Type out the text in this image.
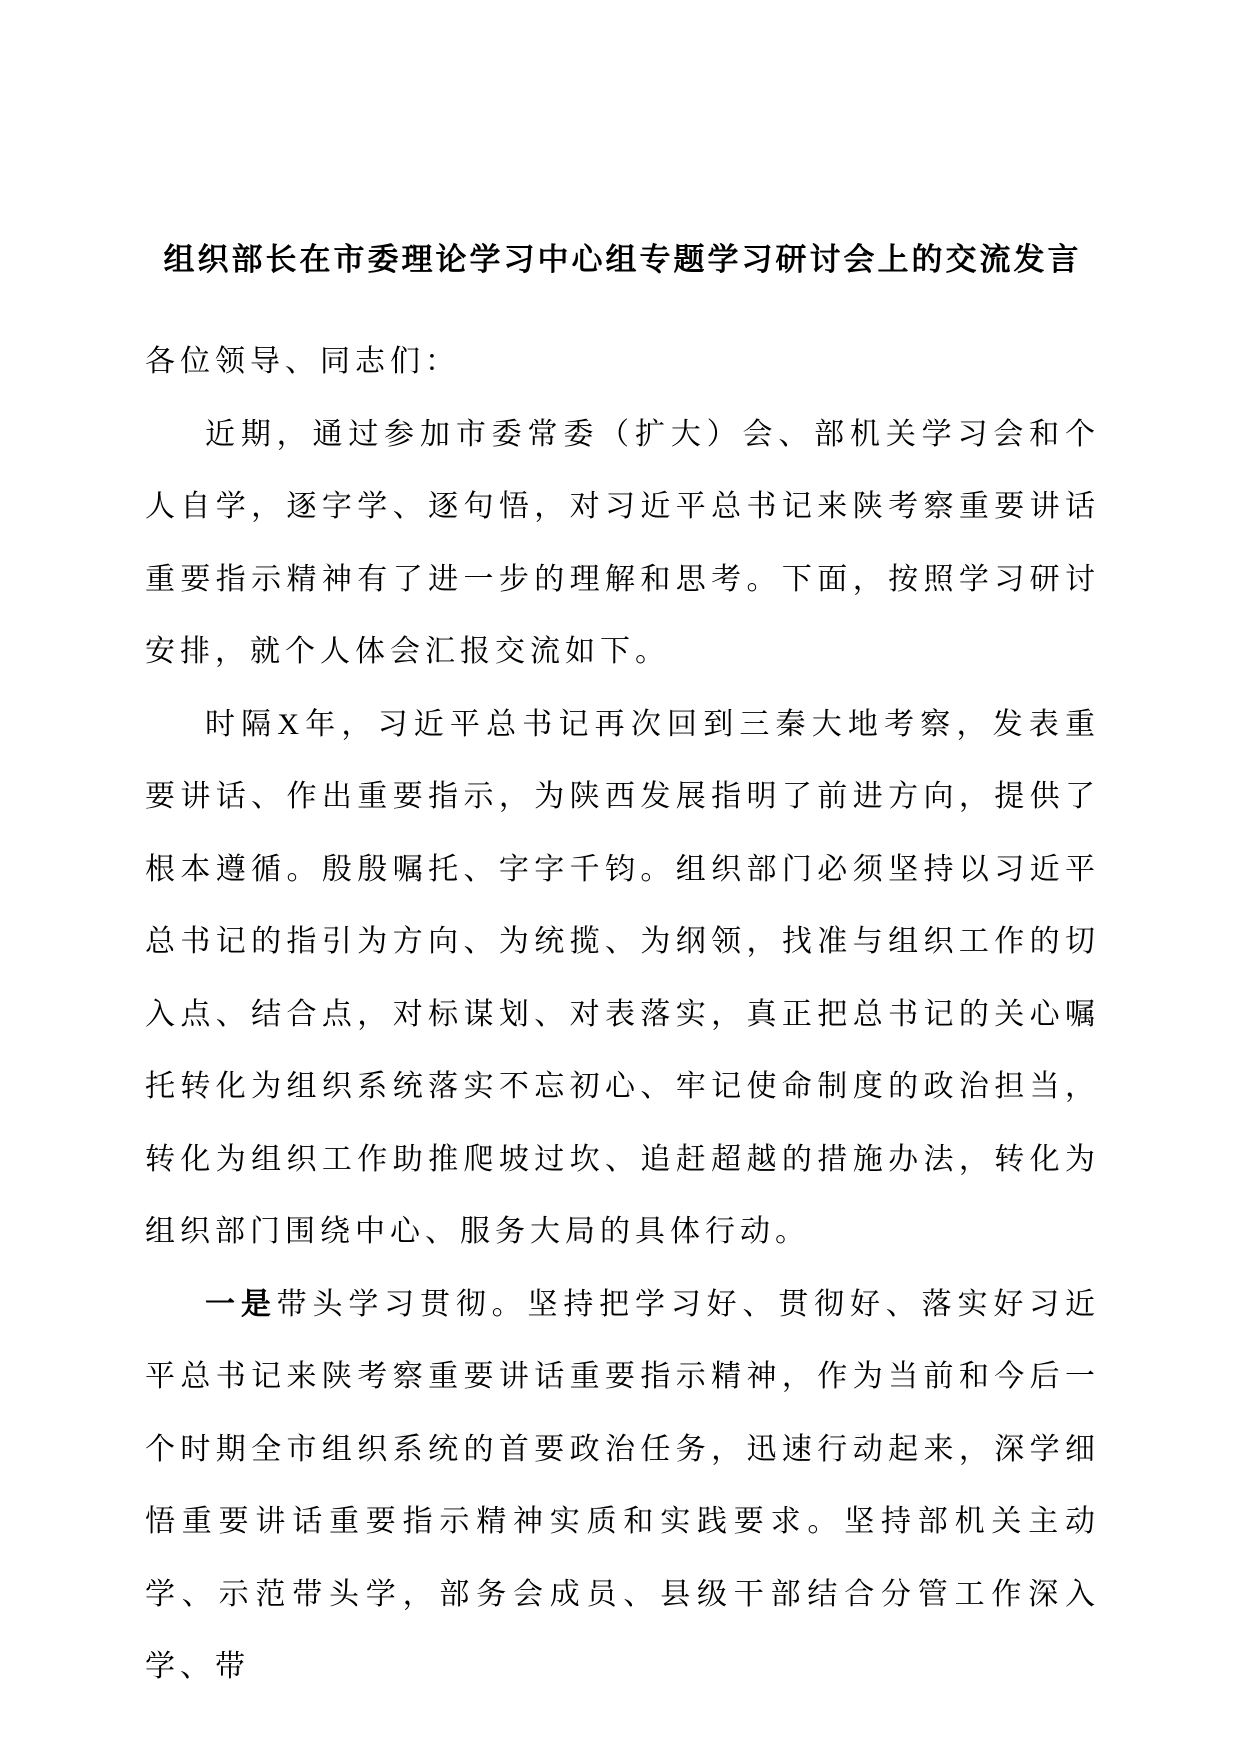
组织部长在市委理论学习中心组专题学习研讨会上的交流发言

各位领导、同志们：

近期，通过参加市委常委（扩大）会、部机关学习会和个人自学，逐字学、逐句悟，对习近平总书记来陕考察重要讲话重要指示精神有了进一步的理解和思考。下面，按照学习研讨安排，就个人体会汇报交流如下。

时隔X年，习近平总书记再次回到三秦大地考察，发表重要讲话、作出重要指示，为陕西发展指明了前进方向，提供了根本遵循。殷殷嘱托、字字千钧。组织部门必须坚持以习近平总书记的指引为方向、为统揽、为纲领，找准与组织工作的切入点、结合点，对标谋划、对表落实，真正把总书记的关心嘱托转化为组织系统落实不忘初心、牢记使命制度的政治担当，转化为组织工作助推爬坡过坎、追赶超越的措施办法，转化为组织部门围绕中心、服务大局的具体行动。

一是带头学习贯彻。坚持把学习好、贯彻好、落实好习近平总书记来陕考察重要讲话重要指示精神，作为当前和今后一个时期全市组织系统的首要政治任务，迅速行动起来，深学细悟重要讲话重要指示精神实质和实践要求。坚持部机关主动学、示范带头学，部务会成员、县级干部结合分管工作深入学、带
